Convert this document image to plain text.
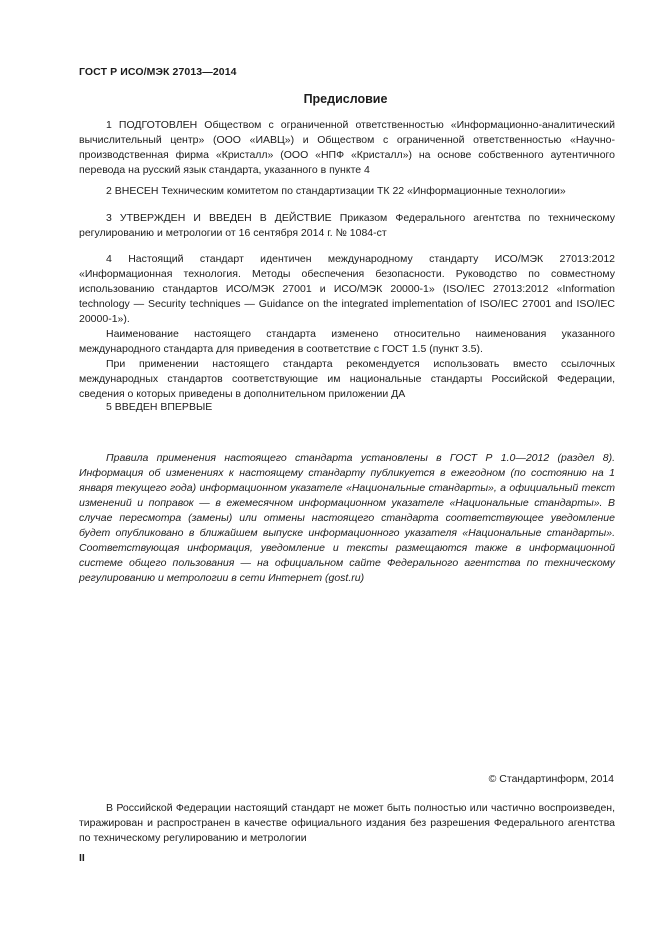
ГОСТ Р ИСО/МЭК 27013—2014
Предисловие

1 ПОДГОТОВЛЕН Обществом с ограниченной ответственностью «Информационно-аналитический вычислительный центр» (ООО «ИАВЦ») и Обществом с ограниченной ответственностью «Научно-производственная фирма «Кристалл» (ООО «НПФ «Кристалл») на основе собственного аутентичного перевода на русский язык стандарта, указанного в пункте 4

2 ВНЕСЕН Техническим комитетом по стандартизации ТК 22 «Информационные технологии»

3 УТВЕРЖДЕН И ВВЕДЕН В ДЕЙСТВИЕ Приказом Федерального агентства по техническому регулированию и метрологии от 16 сентября 2014 г. № 1084-ст

4 Настоящий стандарт идентичен международному стандарту ИСО/МЭК 27013:2012 «Информационная технология. Методы обеспечения безопасности. Руководство по совместному использованию стандартов ИСО/МЭК 27001 и ИСО/МЭК 20000-1» (ISO/IEC 27013:2012 «Information technology — Security techniques — Guidance on the integrated implementation of ISO/IEC 27001 and ISO/IEC 20000-1»).

Наименование настоящего стандарта изменено относительно наименования указанного международного стандарта для приведения в соответствие с ГОСТ 1.5 (пункт 3.5).

При применении настоящего стандарта рекомендуется использовать вместо ссылочных международных стандартов соответствующие им национальные стандарты Российской Федерации, сведения о которых приведены в дополнительном приложении ДА

5 ВВЕДЕН ВПЕРВЫЕ

Правила применения настоящего стандарта установлены в ГОСТ Р 1.0—2012 (раздел 8). Информация об изменениях к настоящему стандарту публикуется в ежегодном (по состоянию на 1 января текущего года) информационном указателе «Национальные стандарты», а официальный текст изменений и поправок — в ежемесячном информационном указателе «Национальные стандарты». В случае пересмотра (замены) или отмены настоящего стандарта соответствующее уведомление будет опубликовано в ближайшем выпуске информационного указателя «Национальные стандарты». Соответствующая информация, уведомление и тексты размещаются также в информационной системе общего пользования — на официальном сайте Федерального агентства по техническому регулированию и метрологии в сети Интернет (gost.ru)

© Стандартинформ, 2014

В Российской Федерации настоящий стандарт не может быть полностью или частично воспроизведен, тиражирован и распространен в качестве официального издания без разрешения Федерального агентства по техническому регулированию и метрологии

II
